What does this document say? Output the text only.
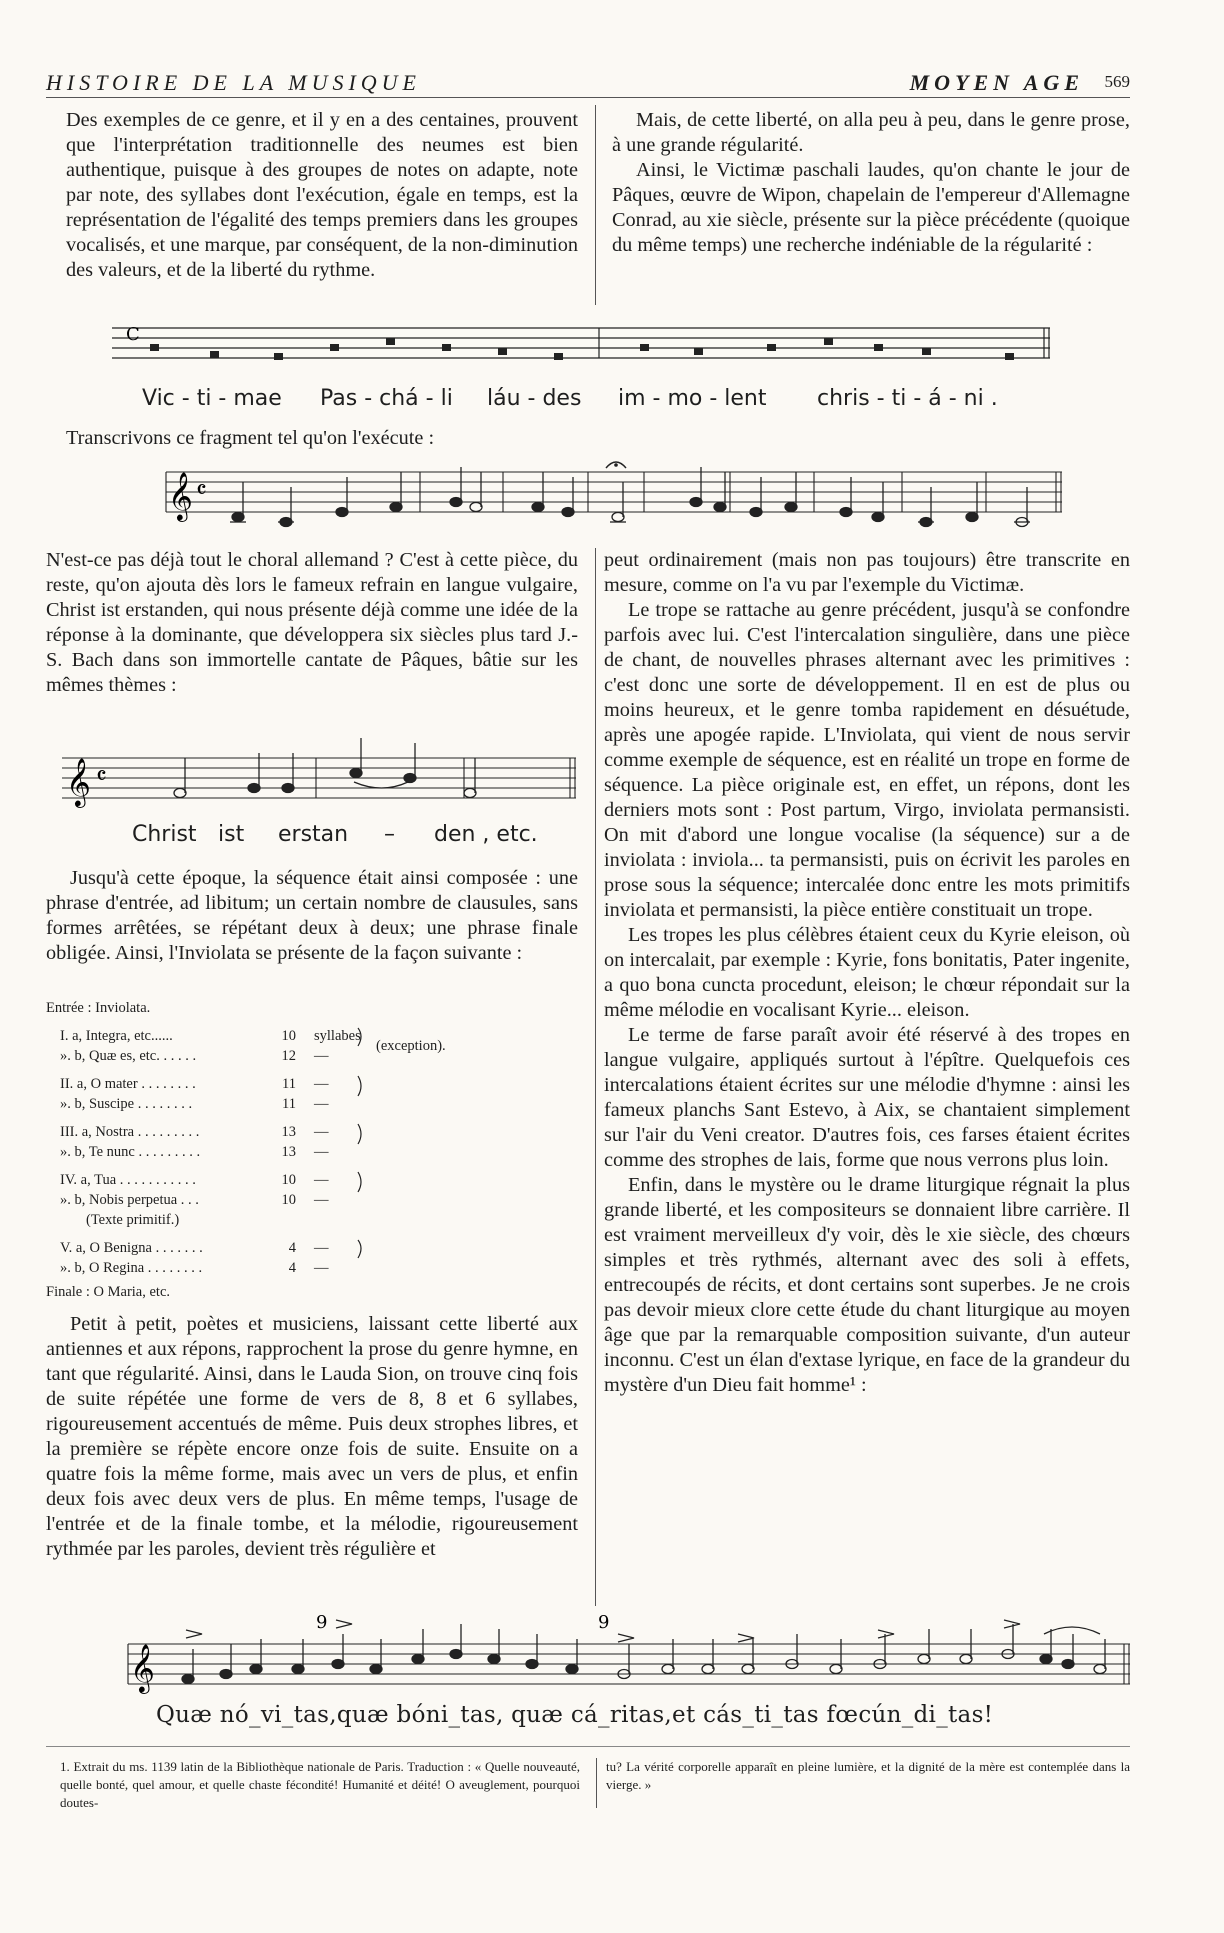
HISTOIRE DE LA MUSIQUE	MOYEN AGE 569

Des exemples de ce genre, et il y en a des centaines, prouvent que l'interprétation traditionnelle des neumes est bien authentique, puisque à des groupes de notes on adapte, note par note, des syllabes dont l'exécution, égale en temps, est la représentation de l'égalité des temps premiers dans les groupes vocalisés, et une marque, par conséquent, de la non-diminution des valeurs, et de la liberté du rythme.

Mais, de cette liberté, on alla peu à peu, dans le genre prose, à une grande régularité.

Ainsi, le Victimæ paschali laudes, qu'on chante le jour de Pâques, œuvre de Wipon, chapelain de l'empereur d'Allemagne Conrad, au xie siècle, présente sur la pièce précédente (quoique du même temps) une recherche indéniable de la régularité :

C
Vic - ti - mae Pas - chá - li láu - des im - mo - lent chris - ti - á - ni .

Transcrivons ce fragment tel qu'on l'exécute :

𝄞 𝄴

N'est-ce pas déjà tout le choral allemand ? C'est à cette pièce, du reste, qu'on ajouta dès lors le fameux refrain en langue vulgaire, Christ ist erstanden, qui nous présente déjà comme une idée de la réponse à la dominante, que développera six siècles plus tard J.-S. Bach dans son immortelle cantate de Pâques, bâtie sur les mêmes thèmes :

𝄞 𝄴
Christ ist erstan – den , etc.

Jusqu'à cette époque, la séquence était ainsi composée : une phrase d'entrée, ad libitum; un certain nombre de clausules, sans formes arrêtées, se répétant deux à deux; une phrase finale obligée. Ainsi, l'Inviolata se présente de la façon suivante :

Entrée : Inviolata.
I. a, Integra, etc......	10 syllabes
». b, Quæ es, etc. . . . . .	12 —
(exception).
II. a, O mater . . . . . . . .	11 —
». b, Suscipe . . . . . . . .	11 —
III. a, Nostra . . . . . . . . .	13 —
». b, Te nunc . . . . . . . . .	13 —
IV. a, Tua . . . . . . . . . . .	10 —
». b, Nobis perpetua . . .	10 —
(Texte primitif.)
V. a, O Benigna . . . . . . .	4 —
». b, O Regina . . . . . . . .	4 —
Finale : O Maria, etc.

Petit à petit, poètes et musiciens, laissant cette liberté aux antiennes et aux répons, rapprochent la prose du genre hymne, en tant que régularité. Ainsi, dans le Lauda Sion, on trouve cinq fois de suite répétée une forme de vers de 8, 8 et 6 syllabes, rigoureusement accentués de même. Puis deux strophes libres, et la première se répète encore onze fois de suite. Ensuite on a quatre fois la même forme, mais avec un vers de plus, et enfin deux fois avec deux vers de plus. En même temps, l'usage de l'entrée et de la finale tombe, et la mélodie, rigoureusement rythmée par les paroles, devient très régulière et

peut ordinairement (mais non pas toujours) être transcrite en mesure, comme on l'a vu par l'exemple du Victimæ.

Le trope se rattache au genre précédent, jusqu'à se confondre parfois avec lui. C'est l'intercalation singulière, dans une pièce de chant, de nouvelles phrases alternant avec les primitives : c'est donc une sorte de développement. Il en est de plus ou moins heureux, et le genre tomba rapidement en désuétude, après une apogée rapide. L'Inviolata, qui vient de nous servir comme exemple de séquence, est en réalité un trope en forme de séquence. La pièce originale est, en effet, un répons, dont les derniers mots sont : Post partum, Virgo, inviolata permansisti. On mit d'abord une longue vocalise (la séquence) sur a de inviolata : inviola... ta permansisti, puis on écrivit les paroles en prose sous la séquence; intercalée donc entre les mots primitifs inviolata et permansisti, la pièce entière constituait un trope.

Les tropes les plus célèbres étaient ceux du Kyrie eleison, où on intercalait, par exemple : Kyrie, fons bonitatis, Pater ingenite, a quo bona cuncta procedunt, eleison; le chœur répondait sur la même mélodie en vocalisant Kyrie... eleison.

Le terme de farse paraît avoir été réservé à des tropes en langue vulgaire, appliqués surtout à l'épître. Quelquefois ces intercalations étaient écrites sur une mélodie d'hymne : ainsi les fameux planchs Sant Estevo, à Aix, se chantaient simplement sur l'air du Veni creator. D'autres fois, ces farses étaient écrites comme des strophes de lais, forme que nous verrons plus loin.

Enfin, dans le mystère ou le drame liturgique régnait la plus grande liberté, et les compositeurs se donnaient libre carrière. Il est vraiment merveilleux d'y voir, dès le xie siècle, des chœurs simples et très rythmés, alternant avec des soli à effets, entrecoupés de récits, et dont certains sont superbes. Je ne crois pas devoir mieux clore cette étude du chant liturgique au moyen âge que par la remarquable composition suivante, d'un auteur inconnu. C'est un élan d'extase lyrique, en face de la grandeur du mystère d'un Dieu fait homme¹ :

𝄞
9	9
Quæ nó_vi_tas,quæ bóni_tas, quæ cá_ritas,et cás_ti_tas fœcún_di_tas!
1. Extrait du ms. 1139 latin de la Bibliothèque nationale de Paris. Traduction : « Quelle nouveauté, quelle bonté, quel amour, et quelle chaste fécondité! Humanité et déité! O aveuglement, pourquoi doutes-
tu? La vérité corporelle apparaît en pleine lumière, et la dignité de la mère est contemplée dans la vierge. »
